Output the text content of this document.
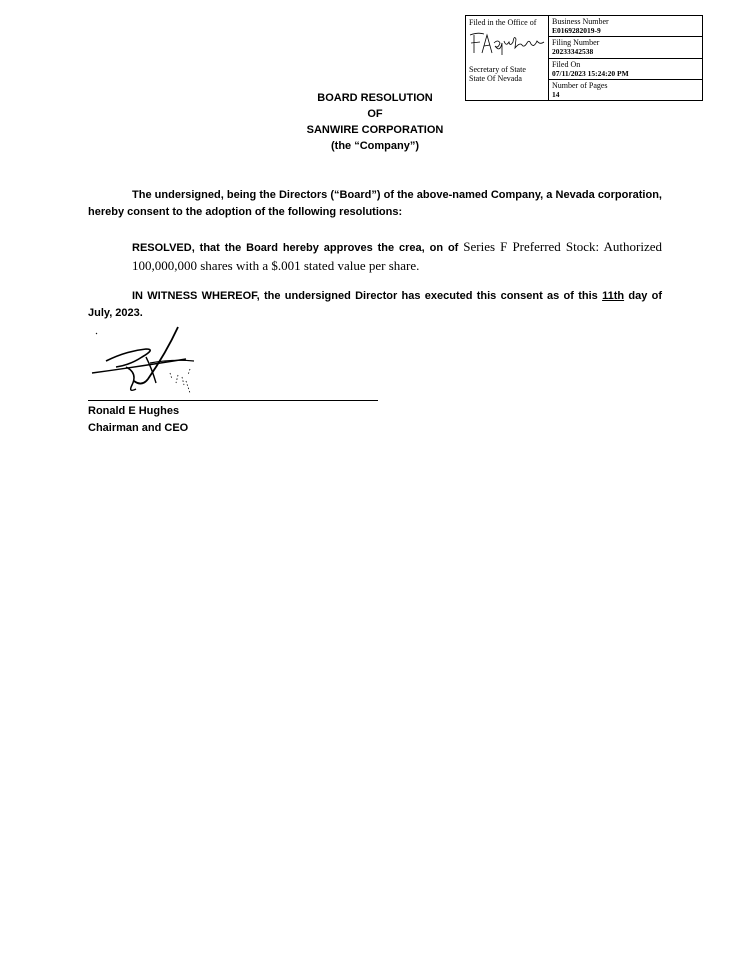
Filed in the Office of
Secretary of State
State Of Nevada
Business Number
E0169282019-9
Filing Number
20233342538
Filed On
07/11/2023 15:24:20 PM
Number of Pages
14
BOARD RESOLUTION
OF
SANWIRE CORPORATION
(the “Company”)
The undersigned, being the Directors (“Board”) of the above-named Company, a Nevada corporation, hereby consent to the adoption of the following resolutions:
RESOLVED, that the Board hereby approves the crea, on of Series F Preferred Stock: Authorized 100,000,000 shares with a $.001 stated value per share.
IN WITNESS WHEREOF, the undersigned Director has executed this consent as of this 11th day of July, 2023.
Ronald E Hughes
Chairman and CEO
